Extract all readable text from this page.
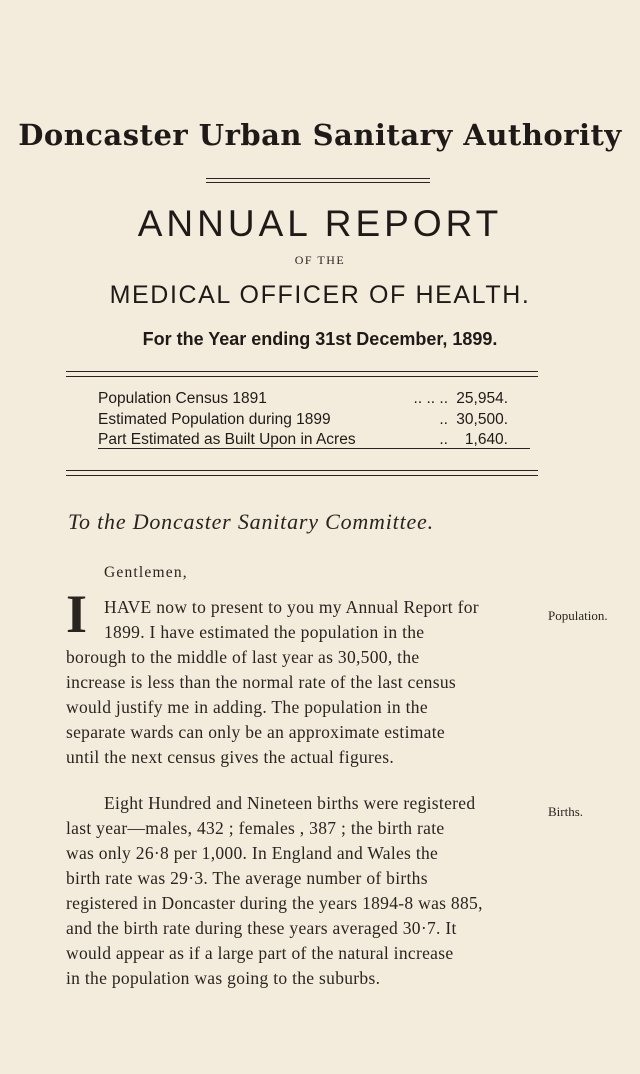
Doncaster Urban Sanitary Authority
ANNUAL REPORT
OF THE
MEDICAL OFFICER OF HEALTH.
For the Year ending 31st December, 1899.
Population Census 1891	.. .. .. 25,954.
Estimated Population during 1899	.. 30,500.
Part Estimated as Built Upon in Acres	..	1,640.
To the Doncaster Sanitary Committee.
Gentlemen,
I HAVE now to present to you my Annual Report for
1899. I have estimated the population in the
borough to the middle of last year as 30,500, the
increase is less than the normal rate of the last census
would justify me in adding. The population in the
separate wards can only be an approximate estimate
until the next census gives the actual figures.
Population.
Eight Hundred and Nineteen births were registered
last year—males, 432 ; females , 387 ; the birth rate
was only 26·8 per 1,000. In England and Wales the
birth rate was 29·3. The average number of births
registered in Doncaster during the years 1894-8 was 885,
and the birth rate during these years averaged 30·7. It
would appear as if a large part of the natural increase
in the population was going to the suburbs.
Births.
